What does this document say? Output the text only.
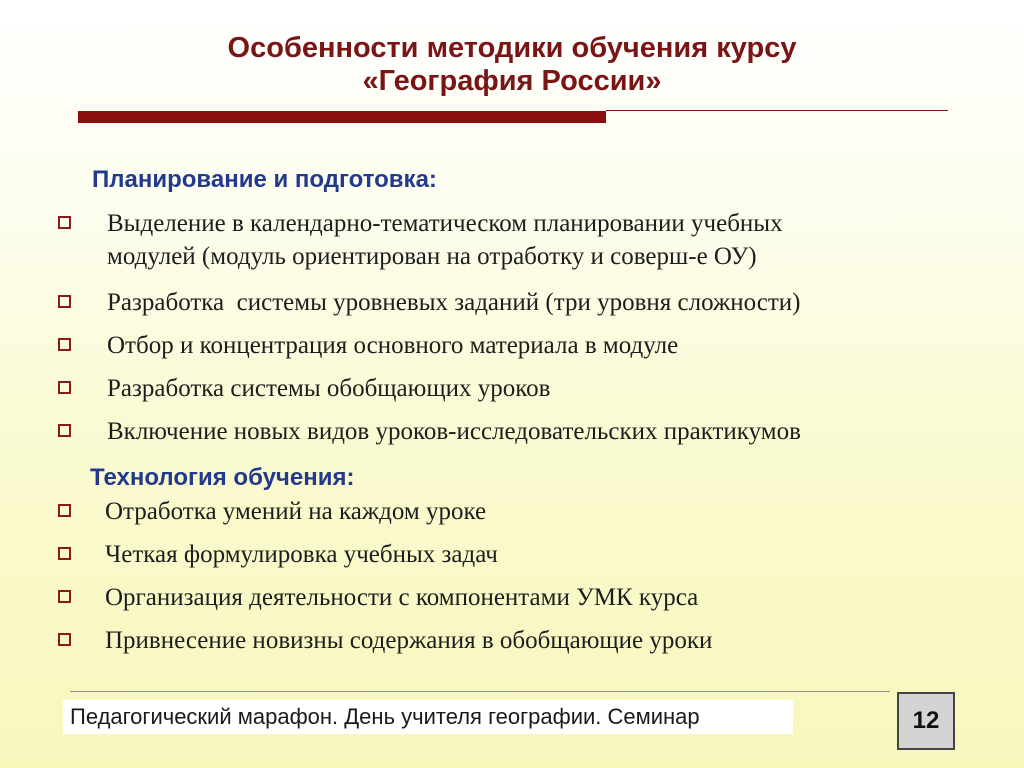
Особенности методики обучения курсу
«География России»
Планирование и подготовка:
Выделение в календарно-тематическом планировании учебных
модулей (модуль ориентирован на отработку и соверш-е ОУ)
Разработка  системы уровневых заданий (три уровня сложности)
Отбор и концентрация основного материала в модуле
Разработка системы обобщающих уроков
Включение новых видов уроков-исследовательских практикумов
Технология обучения:
Отработка умений на каждом уроке
Четкая формулировка учебных задач
Организация деятельности с компонентами УМК курса
Привнесение новизны содержания в обобщающие уроки
Педагогический марафон. День учителя географии. Семинар	12
